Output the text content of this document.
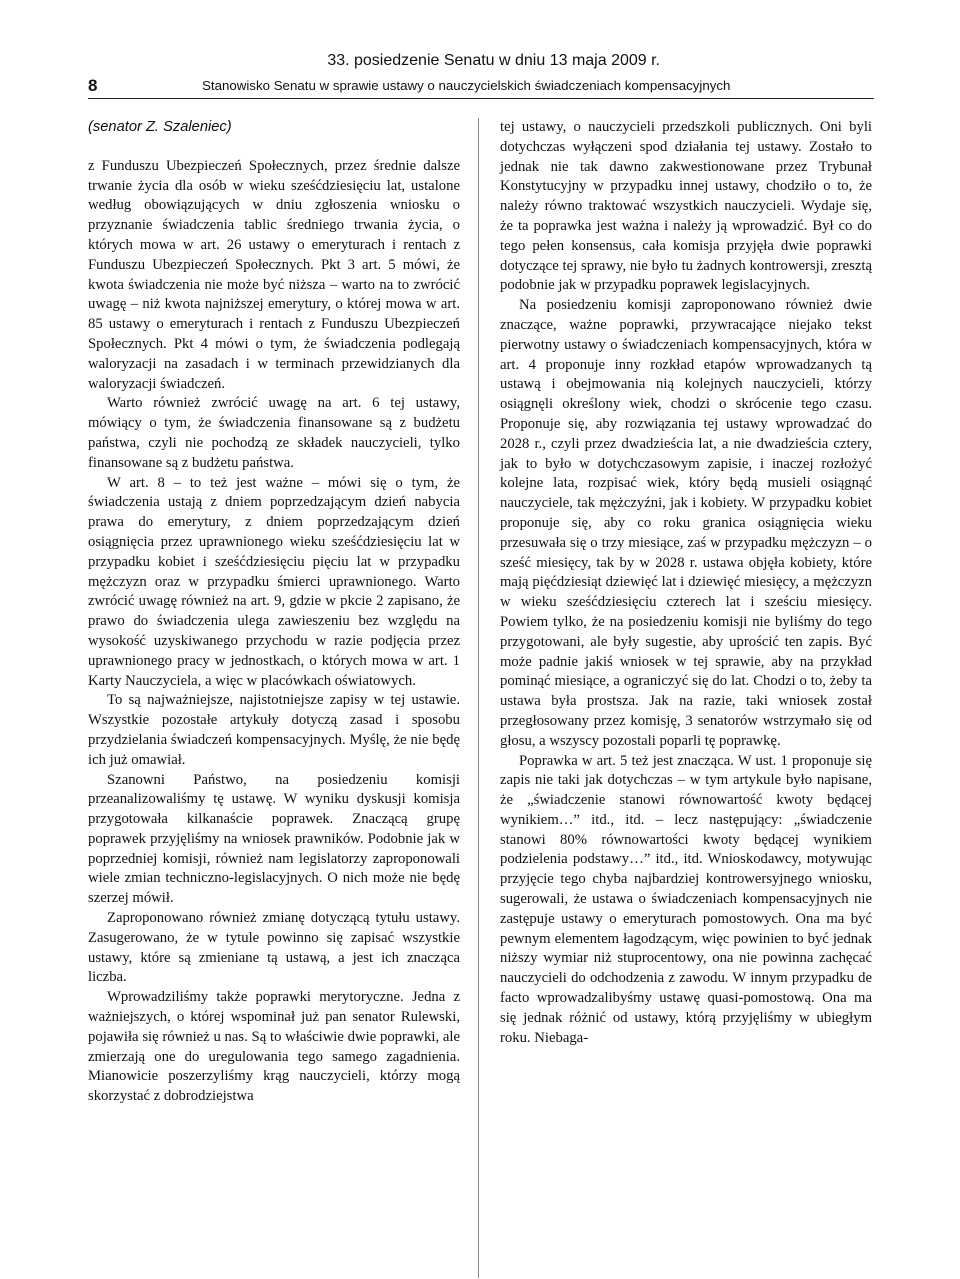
8
33. posiedzenie Senatu w dniu 13 maja 2009 r.
Stanowisko Senatu w sprawie ustawy o nauczycielskich świadczeniach kompensacyjnych
(senator Z. Szaleniec)

z Funduszu Ubezpieczeń Społecznych, przez średnie dalsze trwanie życia dla osób w wieku sześćdziesięciu lat, ustalone według obowiązujących w dniu zgłoszenia wniosku o przyznanie świadczenia tablic średniego trwania życia, o których mowa w art. 26 ustawy o emeryturach i rentach z Funduszu Ubezpieczeń Społecznych. Pkt 3 art. 5 mówi, że kwota świadczenia nie może być niższa – warto na to zwrócić uwagę – niż kwota najniższej emerytury, o której mowa w art. 85 ustawy o emeryturach i rentach z Funduszu Ubezpieczeń Społecznych. Pkt 4 mówi o tym, że świadczenia podlegają waloryzacji na zasadach i w terminach przewidzianych dla waloryzacji świadczeń.

Warto również zwrócić uwagę na art. 6 tej ustawy, mówiący o tym, że świadczenia finansowane są z budżetu państwa, czyli nie pochodzą ze składek nauczycieli, tylko finansowane są z budżetu państwa.

W art. 8 – to też jest ważne – mówi się o tym, że świadczenia ustają z dniem poprzedzającym dzień nabycia prawa do emerytury, z dniem poprzedzającym dzień osiągnięcia przez uprawnionego wieku sześćdziesięciu lat w przypadku kobiet i sześćdziesięciu pięciu lat w przypadku mężczyzn oraz w przypadku śmierci uprawnionego. Warto zwrócić uwagę również na art. 9, gdzie w pkcie 2 zapisano, że prawo do świadczenia ulega zawieszeniu bez względu na wysokość uzyskiwanego przychodu w razie podjęcia przez uprawnionego pracy w jednostkach, o których mowa w art. 1 Karty Nauczyciela, a więc w placówkach oświatowych.

To są najważniejsze, najistotniejsze zapisy w tej ustawie. Wszystkie pozostałe artykuły dotyczą zasad i sposobu przydzielania świadczeń kompensacyjnych. Myślę, że nie będę ich już omawiał.

Szanowni Państwo, na posiedzeniu komisji przeanalizowaliśmy tę ustawę. W wyniku dyskusji komisja przygotowała kilkanaście poprawek. Znaczącą grupę poprawek przyjęliśmy na wniosek prawników. Podobnie jak w poprzedniej komisji, również nam legislatorzy zaproponowali wiele zmian techniczno-legislacyjnych. O nich może nie będę szerzej mówił.

Zaproponowano również zmianę dotyczącą tytułu ustawy. Zasugerowano, że w tytule powinno się zapisać wszystkie ustawy, które są zmieniane tą ustawą, a jest ich znacząca liczba.

Wprowadziliśmy także poprawki merytoryczne. Jedna z ważniejszych, o której wspominał już pan senator Rulewski, pojawiła się również u nas. Są to właściwie dwie poprawki, ale zmierzają one do uregulowania tego samego zagadnienia. Mianowicie poszerzyliśmy krąg nauczycieli, którzy mogą skorzystać z dobrodziejstwa

tej ustawy, o nauczycieli przedszkoli publicznych. Oni byli dotychczas wyłączeni spod działania tej ustawy. Zostało to jednak nie tak dawno zakwestionowane przez Trybunał Konstytucyjny w przypadku innej ustawy, chodziło o to, że należy równo traktować wszystkich nauczycieli. Wydaje się, że ta poprawka jest ważna i należy ją wprowadzić. Był co do tego pełen konsensus, cała komisja przyjęła dwie poprawki dotyczące tej sprawy, nie było tu żadnych kontrowersji, zresztą podobnie jak w przypadku poprawek legislacyjnych.

Na posiedzeniu komisji zaproponowano również dwie znaczące, ważne poprawki, przywracające niejako tekst pierwotny ustawy o świadczeniach kompensacyjnych, która w art. 4 proponuje inny rozkład etapów wprowadzanych tą ustawą i obejmowania nią kolejnych nauczycieli, którzy osiągnęli określony wiek, chodzi o skrócenie tego czasu. Proponuje się, aby rozwiązania tej ustawy wprowadzać do 2028 r., czyli przez dwadzieścia lat, a nie dwadzieścia cztery, jak to było w dotychczasowym zapisie, i inaczej rozłożyć kolejne lata, rozpisać wiek, który będą musieli osiągnąć nauczyciele, tak mężczyźni, jak i kobiety. W przypadku kobiet proponuje się, aby co roku granica osiągnięcia wieku przesuwała się o trzy miesiące, zaś w przypadku mężczyzn – o sześć miesięcy, tak by w 2028 r. ustawa objęła kobiety, które mają pięćdziesiąt dziewięć lat i dziewięć miesięcy, a mężczyzn w wieku sześćdziesięciu czterech lat i sześciu miesięcy. Powiem tylko, że na posiedzeniu komisji nie byliśmy do tego przygotowani, ale były sugestie, aby uprościć ten zapis. Być może padnie jakiś wniosek w tej sprawie, aby na przykład pominąć miesiące, a ograniczyć się do lat. Chodzi o to, żeby ta ustawa była prostsza. Jak na razie, taki wniosek został przegłosowany przez komisję, 3 senatorów wstrzymało się od głosu, a wszyscy pozostali poparli tę poprawkę.

Poprawka w art. 5 też jest znacząca. W ust. 1 proponuje się zapis nie taki jak dotychczas – w tym artykule było napisane, że „świadczenie stanowi równowartość kwoty będącej wynikiem…” itd., itd. – lecz następujący: „świadczenie stanowi 80% równowartości kwoty będącej wynikiem podzielenia podstawy…” itd., itd. Wnioskodawcy, motywując przyjęcie tego chyba najbardziej kontrowersyjnego wniosku, sugerowali, że ustawa o świadczeniach kompensacyjnych nie zastępuje ustawy o emeryturach pomostowych. Ona ma być pewnym elementem łagodzącym, więc powinien to być jednak niższy wymiar niż stuprocentowy, ona nie powinna zachęcać nauczycieli do odchodzenia z zawodu. W innym przypadku de facto wprowadzalibyśmy ustawę quasi-pomostową. Ona ma się jednak różnić od ustawy, którą przyjęliśmy w ubiegłym roku. Niebaga-
